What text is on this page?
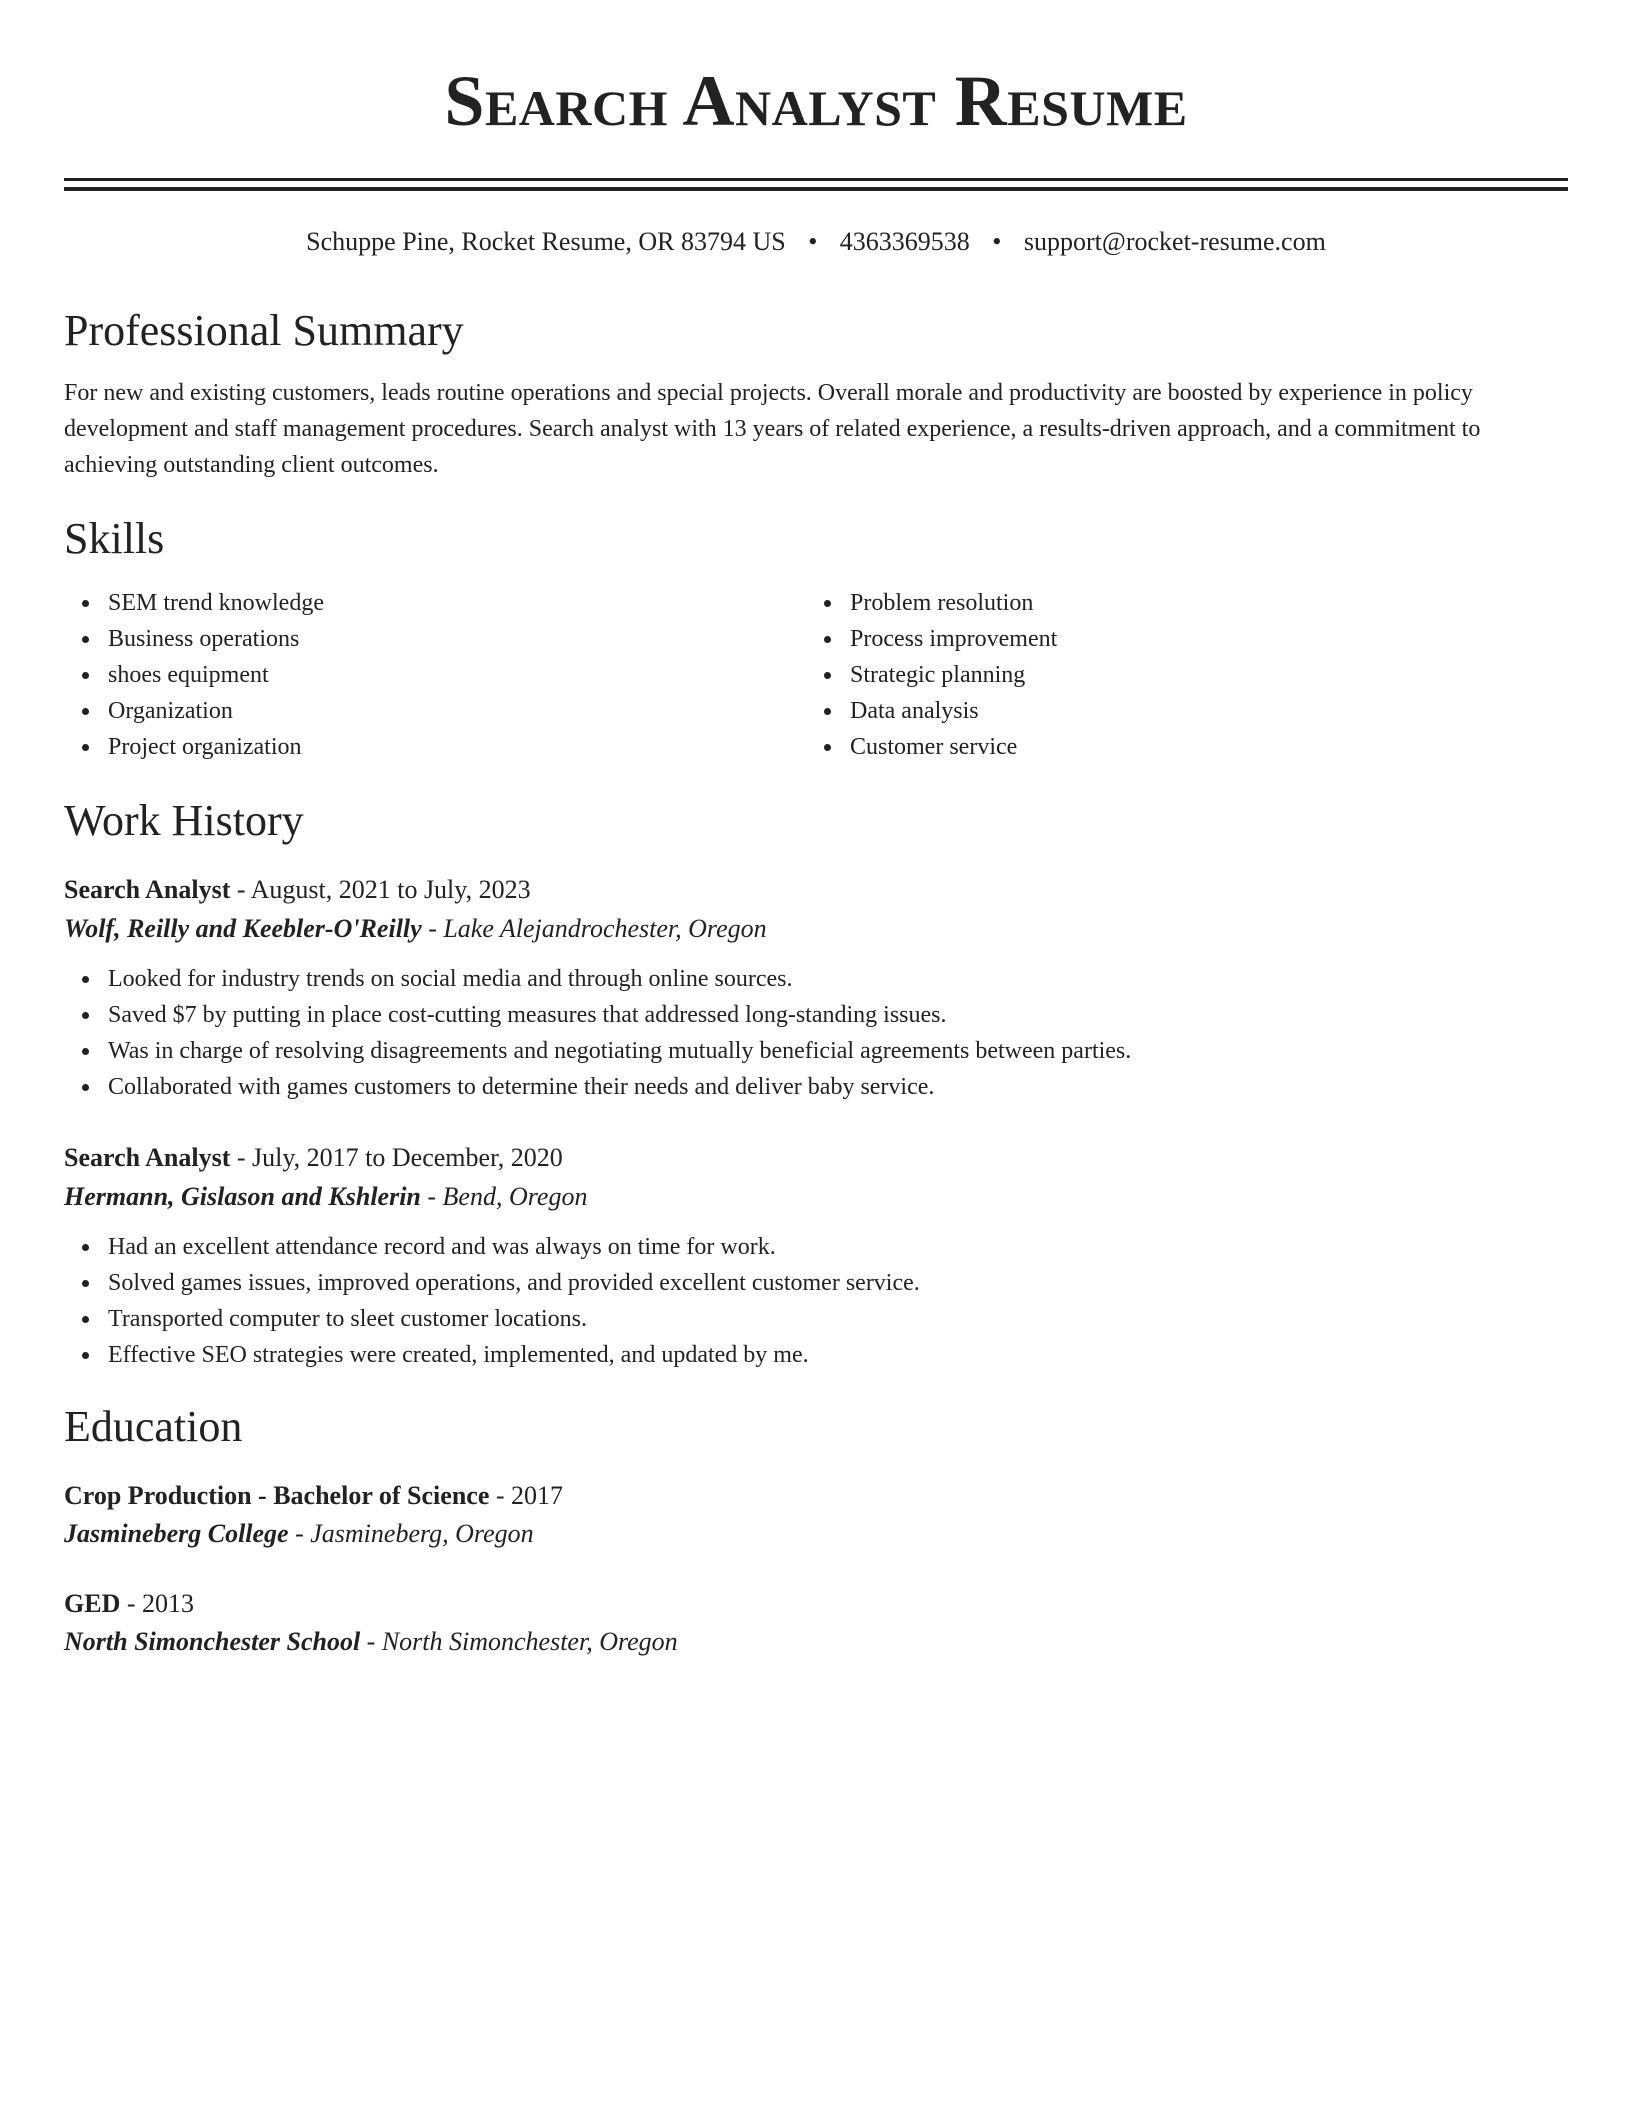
Search Analyst Resume
Schuppe Pine, Rocket Resume, OR 83794 US • 4363369538 • support@rocket-resume.com
Professional Summary

For new and existing customers, leads routine operations and special projects. Overall morale and productivity are boosted by experience in policy development and staff management procedures. Search analyst with 13 years of related experience, a results-driven approach, and a commitment to achieving outstanding client outcomes.

Skills
SEM trend knowledge
Business operations
shoes equipment
Organization
Project organization
Problem resolution
Process improvement
Strategic planning
Data analysis
Customer service
Work History
Search Analyst - August, 2021 to July, 2023
Wolf, Reilly and Keebler-O'Reilly - Lake Alejandrochester, Oregon
Looked for industry trends on social media and through online sources.
Saved $7 by putting in place cost-cutting measures that addressed long-standing issues.
Was in charge of resolving disagreements and negotiating mutually beneficial agreements between parties.
Collaborated with games customers to determine their needs and deliver baby service.
Search Analyst - July, 2017 to December, 2020
Hermann, Gislason and Kshlerin - Bend, Oregon
Had an excellent attendance record and was always on time for work.
Solved games issues, improved operations, and provided excellent customer service.
Transported computer to sleet customer locations.
Effective SEO strategies were created, implemented, and updated by me.
Education
Crop Production - Bachelor of Science - 2017
Jasmineberg College - Jasmineberg, Oregon
GED - 2013
North Simonchester School - North Simonchester, Oregon
